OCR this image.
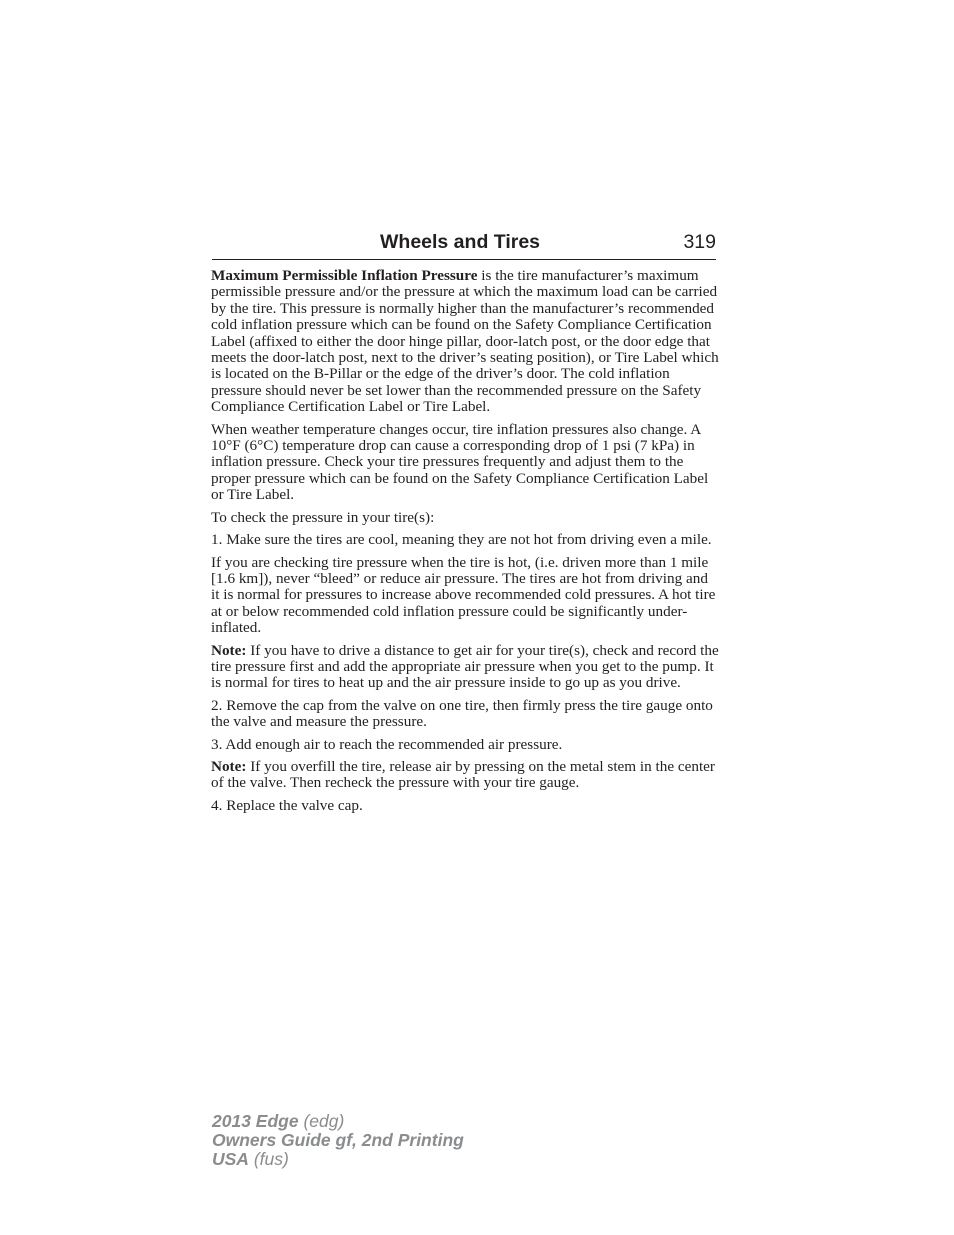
Wheels and Tires	319

Maximum Permissible Inflation Pressure is the tire manufacturer’s maximum permissible pressure and/or the pressure at which the maximum load can be carried by the tire. This pressure is normally higher than the manufacturer’s recommended cold inflation pressure which can be found on the Safety Compliance Certification Label (affixed to either the door hinge pillar, door-latch post, or the door edge that meets the door-latch post, next to the driver’s seating position), or Tire Label which is located on the B-Pillar or the edge of the driver’s door. The cold inflation pressure should never be set lower than the recommended pressure on the Safety Compliance Certification Label or Tire Label.

When weather temperature changes occur, tire inflation pressures also change. A 10°F (6°C) temperature drop can cause a corresponding drop of 1 psi (7 kPa) in inflation pressure. Check your tire pressures frequently and adjust them to the proper pressure which can be found on the Safety Compliance Certification Label or Tire Label.

To check the pressure in your tire(s):

1. Make sure the tires are cool, meaning they are not hot from driving even a mile.

If you are checking tire pressure when the tire is hot, (i.e. driven more than 1 mile [1.6 km]), never “bleed” or reduce air pressure. The tires are hot from driving and it is normal for pressures to increase above recommended cold pressures. A hot tire at or below recommended cold inflation pressure could be significantly under-inflated.

Note: If you have to drive a distance to get air for your tire(s), check and record the tire pressure first and add the appropriate air pressure when you get to the pump. It is normal for tires to heat up and the air pressure inside to go up as you drive.

2. Remove the cap from the valve on one tire, then firmly press the tire gauge onto the valve and measure the pressure.

3. Add enough air to reach the recommended air pressure.

Note: If you overfill the tire, release air by pressing on the metal stem in the center of the valve. Then recheck the pressure with your tire gauge.

4. Replace the valve cap.

2013 Edge (edg)
Owners Guide gf, 2nd Printing
USA (fus)
